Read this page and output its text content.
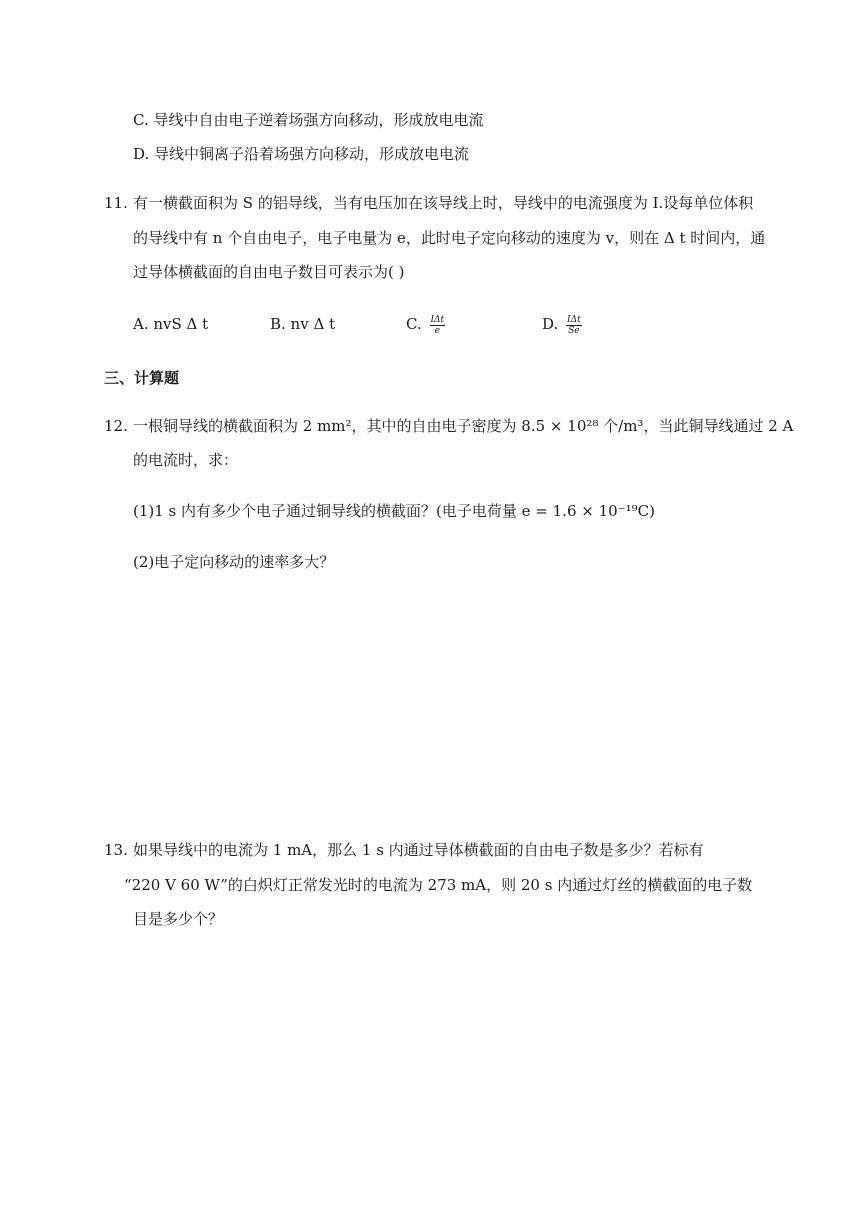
C. 导线中自由电子逆着场强方向移动，形成放电电流
D. 导线中铜离子沿着场强方向移动，形成放电电流
11. 有一横截面积为 S 的铝导线，当有电压加在该导线上时，导线中的电流强度为 I.设每单位体积
的导线中有 n 个自由电子，电子电量为 e，此时电子定向移动的速度为 v，则在 Δ t 时间内，通
过导体横截面的自由电子数目可表示为( )
A. nvS Δ t	B. nv Δ t	C. $\frac{\text{IΔt}}{e}$	D. $\frac{\text{IΔt}}{Se}$
三、计算题
12. 一根铜导线的横截面积为 2 mm²，其中的自由电子密度为 8.5 × 10²⁸ 个/m³，当此铜导线通过 2 A
的电流时，求：
(1)1 s 内有多少个电子通过铜导线的横截面？(电子电荷量 e = 1.6 × 10⁻¹⁹C)
(2)电子定向移动的速率多大？
13. 如果导线中的电流为 1 mA，那么 1 s 内通过导体横截面的自由电子数是多少？若标有
“220 V 60 W”的白炽灯正常发光时的电流为 273 mA，则 20 s 内通过灯丝的横截面的电子数
目是多少个？
